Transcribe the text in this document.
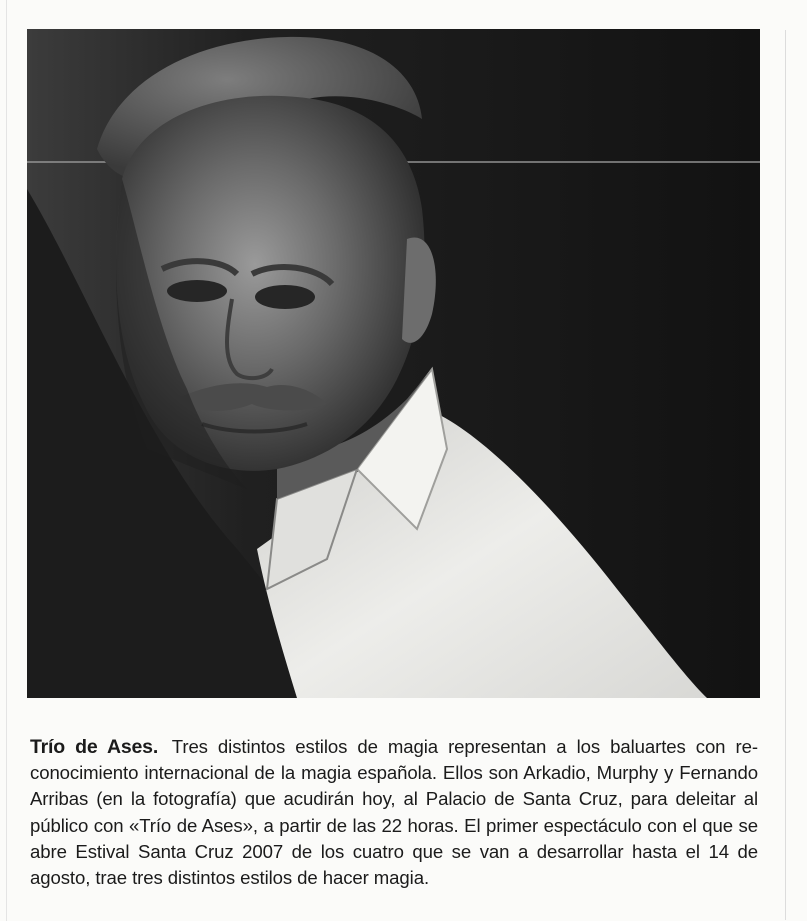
Trío de Ases. Tres distintos estilos de magia representan a los baluartes con reconocimiento internacional de la magia española. Ellos son Arkadio, Murphy y Fernando Arribas (en la fotografía) que acudirán hoy, al Palacio de Santa Cruz, para deleitar al público con «Trío de Ases», a partir de las 22 horas. El primer espectáculo con el que se abre Estival Santa Cruz 2007 de los cuatro que se van a desarrollar hasta el 14 de agosto, trae tres distintos estilos de hacer magia.
